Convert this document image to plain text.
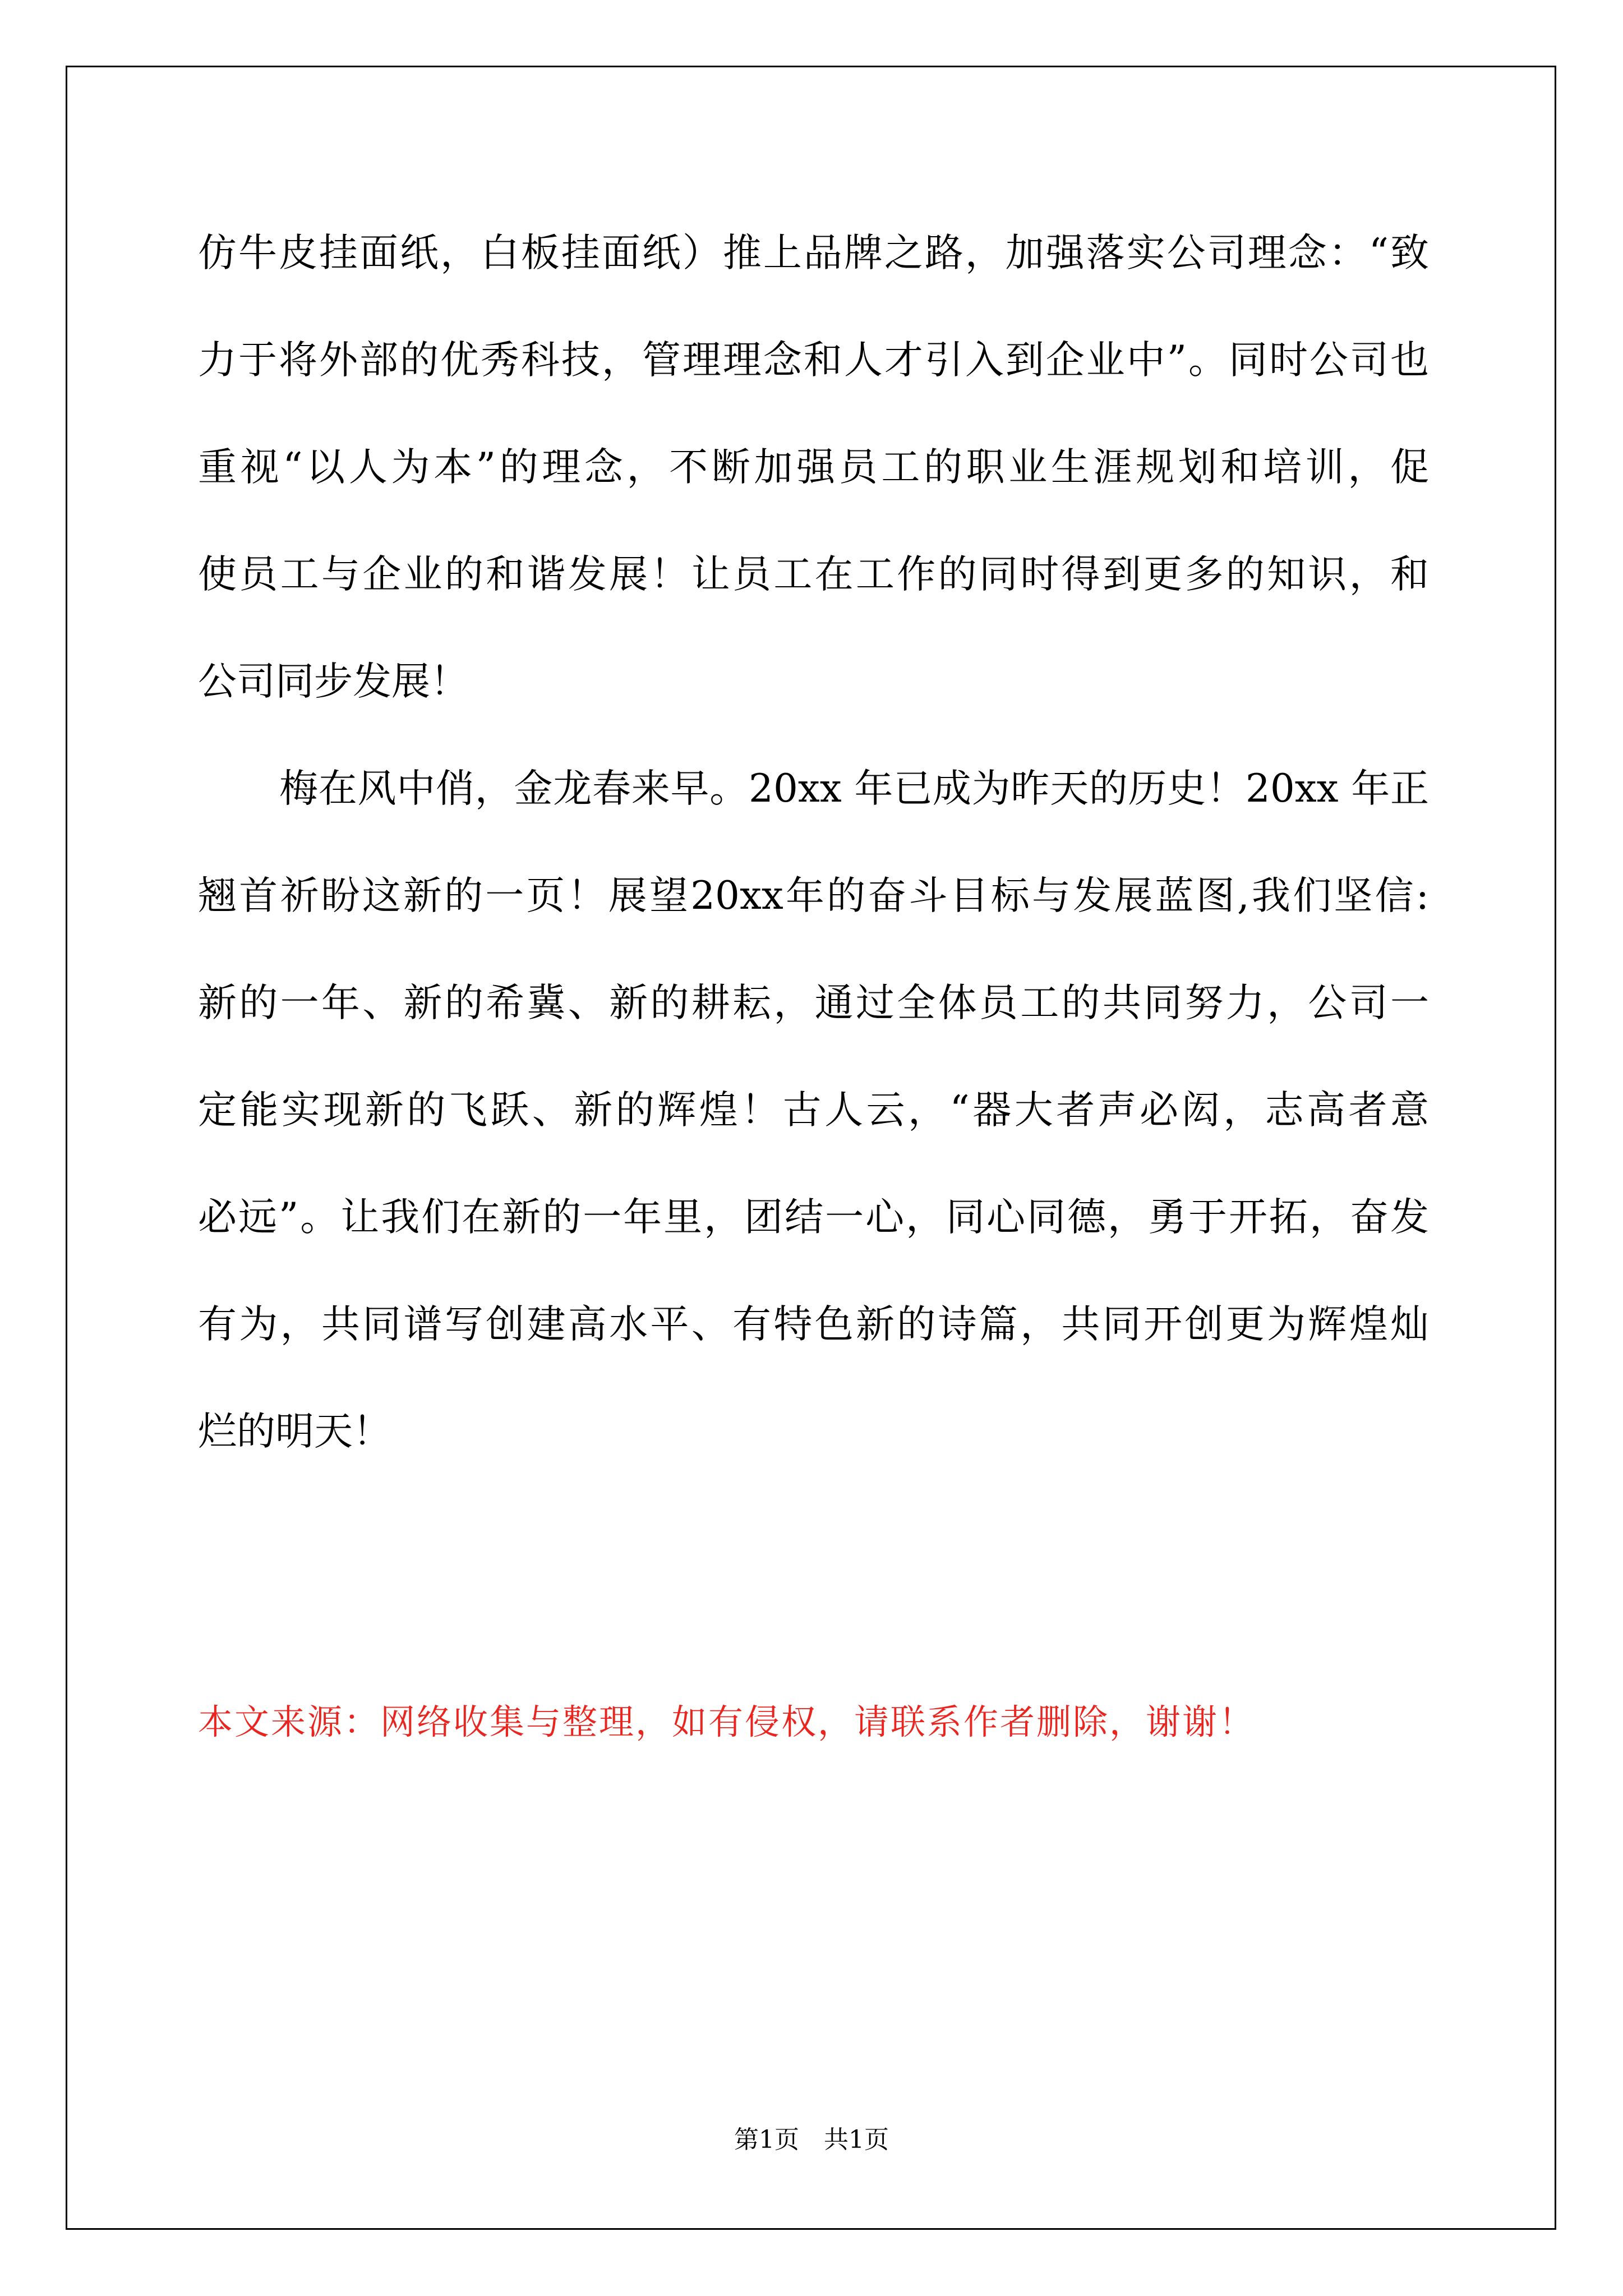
仿牛皮挂面纸，白板挂面纸）推上品牌之路，加强落实公司理念：“致
力于将外部的优秀科技，管理理念和人才引入到企业中”。同时公司也
重视“以人为本”的理念，不断加强员工的职业生涯规划和培训，促
使员工与企业的和谐发展！让员工在工作的同时得到更多的知识，和
公司同步发展！
梅在风中俏，金龙春来早。20xx 年已成为昨天的历史！20xx 年正
翘首祈盼这新的一页！展望20xx年的奋斗目标与发展蓝图,我们坚信:
新的一年、新的希冀、新的耕耘，通过全体员工的共同努力，公司一
定能实现新的飞跃、新的辉煌！古人云，“器大者声必闳，志高者意
必远”。让我们在新的一年里，团结一心，同心同德，勇于开拓，奋发
有为，共同谱写创建高水平、有特色新的诗篇，共同开创更为辉煌灿
烂的明天！
本文来源：网络收集与整理，如有侵权，请联系作者删除，谢谢！
第1页　共1页
